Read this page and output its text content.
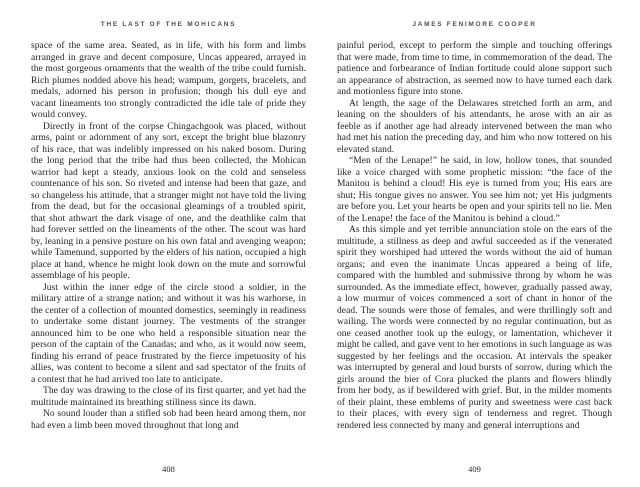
THE LAST OF THE MOHICANS

space of the same area. Seated, as in life, with his form and limbs arranged in grave and decent composure, Uncas appeared, arrayed in the most gorgeous ornaments that the wealth of the tribe could furnish. Rich plumes nodded above his head; wampum, gorgets, bracelets, and medals, adorned his person in profusion; though his dull eye and vacant lineaments too strongly contradicted the idle tale of pride they would convey.

Directly in front of the corpse Chingachgook was placed, without arms, paint or adornment of any sort, except the bright blue blazonry of his race, that was indelibly impressed on his naked bosom. During the long period that the tribe had thus been collected, the Mohican warrior had kept a steady, anxious look on the cold and senseless countenance of his son. So riveted and intense had been that gaze, and so changeless his attitude, that a stranger might not have told the living from the dead, but for the occasional gleamings of a troubled spirit, that shot athwart the dark visage of one, and the deathlike calm that had forever settled on the lineaments of the other. The scout was hard by, leaning in a pensive posture on his own fatal and avenging weapon; while Tamenund, supported by the elders of his nation, occupied a high place at hand, whence he might look down on the mute and sorrowful assemblage of his people.

Just within the inner edge of the circle stood a soldier, in the military attire of a strange nation; and without it was his warhorse, in the center of a collection of mounted domestics, seemingly in readiness to undertake some distant journey. The vestments of the stranger announced him to be one who held a responsible situation near the person of the captain of the Canadas; and who, as it would now seem, finding his errand of peace frustrated by the fierce impetuosity of his allies, was content to become a silent and sad spectator of the fruits of a contest that he had arrived too late to anticipate.

The day was drawing to the close of its first quarter, and yet had the multitude maintained its breathing stillness since its dawn.

No sound louder than a stifled sob had been heard among them, nor had even a limb been moved throughout that long and

408
JAMES FENIMORE COOPER

painful period, except to perform the simple and touching offerings that were made, from time to time, in commemoration of the dead. The patience and forbearance of Indian fortitude could alone support such an appearance of abstraction, as seemed now to have turned each dark and motionless figure into stone.

At length, the sage of the Delawares stretched forth an arm, and leaning on the shoulders of his attendants, he arose with an air as feeble as if another age had already intervened between the man who had met his nation the preceding day, and him who now tottered on his elevated stand.

“Men of the Lenape!” he said, in low, hollow tones, that sounded like a voice charged with some prophetic mission: “the face of the Manitou is behind a cloud! His eye is turned from you; His ears are shut; His tongue gives no answer. You see him not; yet His judgments are before you. Let your hearts be open and your spirits tell no lie. Men of the Lenape! the face of the Manitou is behind a cloud.”

As this simple and yet terrible annunciation stole on the ears of the multitude, a stillness as deep and awful succeeded as if the venerated spirit they worshiped had uttered the words without the aid of human organs; and even the inanimate Uncas appeared a being of life, compared with the humbled and submissive throng by whom he was surrounded. As the immediate effect, however, gradually passed away, a low murmur of voices commenced a sort of chant in honor of the dead. The sounds were those of females, and were thrillingly soft and wailing. The words were connected by no regular continuation, but as one ceased another took up the eulogy, or lamentation, whichever it might be called, and gave vent to her emotions in such language as was suggested by her feelings and the occasion. At intervals the speaker was interrupted by general and loud bursts of sorrow, during which the girls around the bier of Cora plucked the plants and flowers blindly from her body, as if bewildered with grief. But, in the milder moments of their plaint, these emblems of purity and sweetness were cast back to their places, with every sign of tenderness and regret. Though rendered less connected by many and general interruptions and

409
